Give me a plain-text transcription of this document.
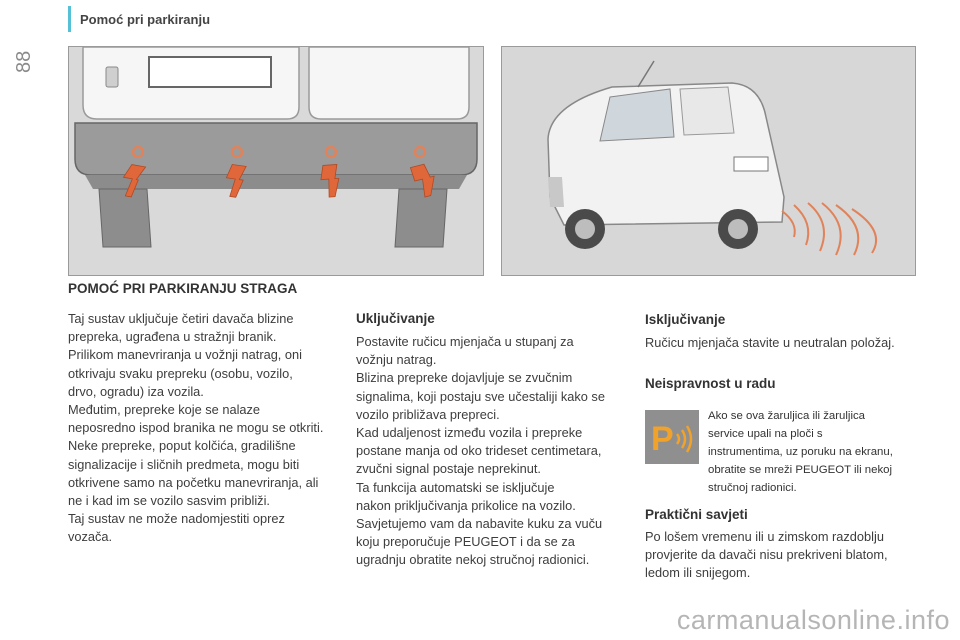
88
Pomoć pri parkiranju
POMOĆ PRI PARKIRANJU STRAGA
Taj sustav uključuje četiri davača blizine
prepreka, ugrađena u stražnji branik.
Prilikom manevriranja u vožnji natrag, oni
otkrivaju svaku prepreku (osobu, vozilo,
drvo, ogradu) iza vozila.
Međutim, prepreke koje se nalaze
neposredno ispod branika ne mogu se otkriti.
Neke prepreke, poput kolčića, gradilišne
signalizacije i sličnih predmeta, mogu biti
otkrivene samo na početku manevriranja, ali
ne i kad im se vozilo sasvim približi.
Taj sustav ne može nadomjestiti oprez
vozača.
Uključivanje
Postavite ručicu mjenjača u stupanj za
vožnju natrag.
Blizina prepreke dojavljuje se zvučnim
signalima, koji postaju sve učestaliji kako se
vozilo približava prepreci.
Kad udaljenost između vozila i prepreke
postane manja od oko trideset centimetara,
zvučni signal postaje neprekinut.
Ta funkcija automatski se isključuje
nakon priključivanja prikolice na vozilo.
Savjetujemo vam da nabavite kuku za vuču
koju preporučuje PEUGEOT i da se za
ugradnju obratite nekoj stručnoj radionici.
Isključivanje
Ručicu mjenjača stavite u neutralan položaj.
Neispravnost u radu
P
Ako se ova žaruljica ili žaruljica
service upali na ploči s
instrumentima, uz poruku na ekranu,
obratite se mreži PEUGEOT ili nekoj
stručnoj radionici.
Praktični savjeti
Po lošem vremenu ili u zimskom razdoblju
provjerite da davači nisu prekriveni blatom,
ledom ili snijegom.
carmanualsonline.info
